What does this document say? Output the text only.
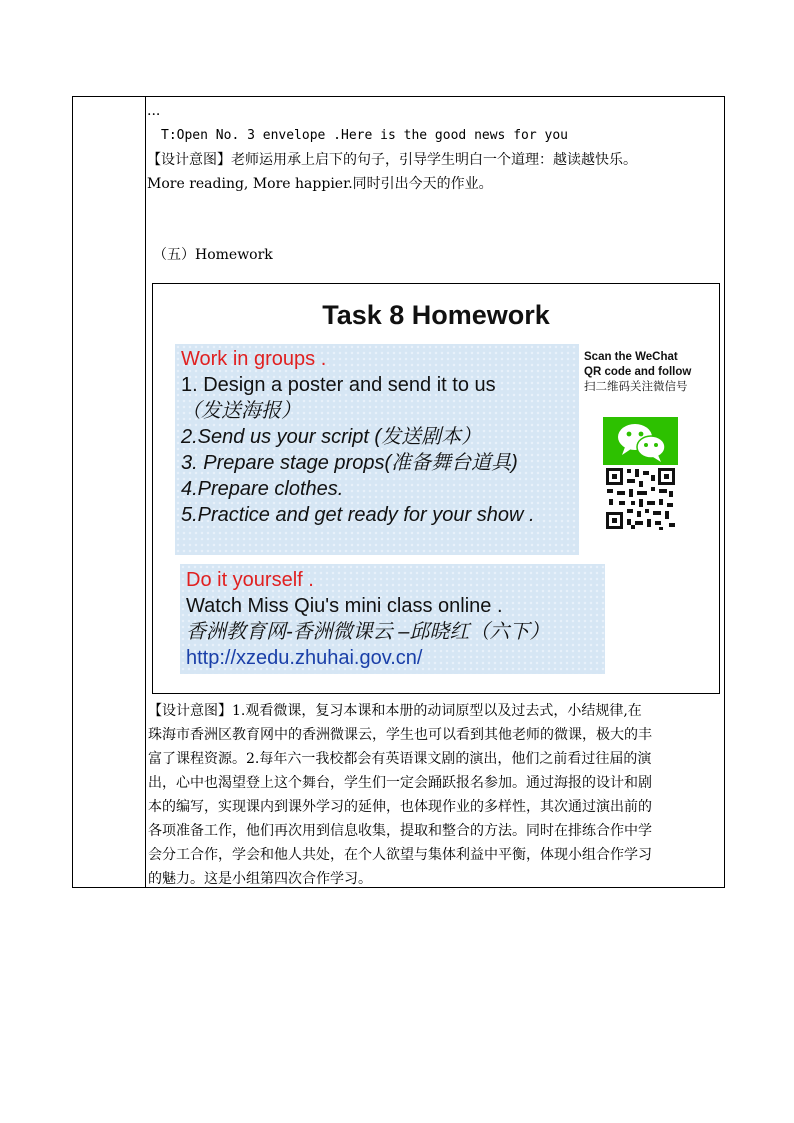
...
T:Open No. 3 envelope .Here is the good news for you
【设计意图】老师运用承上启下的句子，引导学生明白一个道理：越读越快乐。
More reading, More happier.同时引出今天的作业。
（五）Homework
Task 8 Homework
Work in groups .
1. Design a poster and send it to us
（发送海报）
2.Send us your script (发送剧本）
3. Prepare stage props(准备舞台道具)
4.Prepare clothes.
5.Practice and get ready for your show .
Do it yourself .
Watch Miss Qiu's mini class online .
香洲教育网-香洲微课云 –邱晓红（六下）
http://xzedu.zhuhai.gov.cn/
Scan the WeChat
QR code and follow
扫二维码关注微信号
【设计意图】1.观看微课，复习本课和本册的动词原型以及过去式，小结规律,在
珠海市香洲区教育网中的香洲微课云，学生也可以看到其他老师的微课，极大的丰
富了课程资源。2.每年六一我校都会有英语课文剧的演出，他们之前看过往届的演
出，心中也渴望登上这个舞台，学生们一定会踊跃报名参加。通过海报的设计和剧
本的编写，实现课内到课外学习的延伸，也体现作业的多样性，其次通过演出前的
各项准备工作，他们再次用到信息收集，提取和整合的方法。同时在排练合作中学
会分工合作，学会和他人共处，在个人欲望与集体利益中平衡，体现小组合作学习
的魅力。这是小组第四次合作学习。
